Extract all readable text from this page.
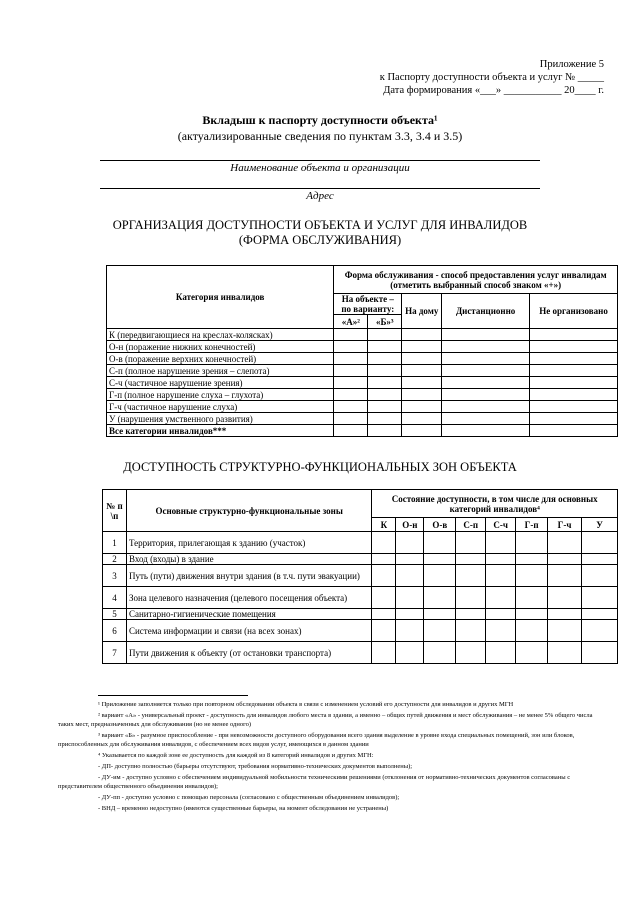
Приложение 5
к Паспорту доступности объекта и услуг № _____
Дата формирования «___» ___________ 20____ г.
Вкладыш к паспорту доступности объекта¹
(актуализированные сведения по пунктам 3.3, 3.4 и 3.5)
Наименование объекта и организации
Адрес
ОРГАНИЗАЦИЯ ДОСТУПНОСТИ ОБЪЕКТА И УСЛУГ ДЛЯ ИНВАЛИДОВ
(ФОРМА ОБСЛУЖИВАНИЯ)
Категория инвалидов	Форма обслуживания - способ предоставления услуг инвалидам (отметить выбранный способ знаком «+»)				
	На объекте – по варианту:		На дому	Дистанционно	Не организовано
	«А»²	«Б»³			
К (передвигающиеся на креслах-колясках)					
О-н (поражение нижних конечностей)					
О-в (поражение верхних конечностей)					
С-п (полное нарушение зрения – слепота)					
С-ч (частичное нарушение зрения)					
Г-п (полное нарушение слуха – глухота)					
Г-ч (частичное нарушение слуха)					
У (нарушения умственного развития)					
Все категории инвалидов***					
ДОСТУПНОСТЬ СТРУКТУРНО-ФУНКЦИОНАЛЬНЫХ ЗОН ОБЪЕКТА
№ п \п	Основные структурно-функциональные зоны	Состояние доступности, в том числе для основных категорий инвалидов⁴							
		К	О-н	О-в	С-п	С-ч	Г-п	Г-ч	У
1	Территория, прилегающая к зданию (участок)								
2	Вход (входы) в здание								
3	Путь (пути) движения внутри здания (в т.ч. пути эвакуации)								
4	Зона целевого назначения (целевого посещения объекта)								
5	Санитарно-гигиенические помещения								
6	Система информации и связи (на всех зонах)								
7	Пути движения к объекту (от остановки транспорта)								

¹ Приложение заполняется только при повторном обследовании объекта в связи с изменением условий его доступности для инвалидов и других МГН

² вариант «А» - универсальный проект - доступность для инвалидов любого места в здании, а именно – общих путей движения и мест обслуживания – не менее 5% общего числа таких мест, предназначенных для обслуживания (но не менее одного)

³ вариант «Б» - разумное приспособление - при невозможности доступного оборудования всего здания выделение в уровне входа специальных помещений, зон или блоков, приспособленных для обслуживания инвалидов, с обеспечением всех видов услуг, имеющихся в данном здании

⁴ Указывается по каждой зоне ее доступность для каждой из 8 категорий инвалидов и других МГН:

- ДП- доступно полностью (барьеры отсутствуют, требования нормативно-технических документов выполнены);

- ДУ-им - доступно условно с обеспечением индивидуальной мобильности техническими решениями (отклонения от нормативно-технических документов согласованы с представителем общественного объединения инвалидов);

- ДУ-пп - доступно условно с помощью персонала (согласовано с общественным объединением инвалидов);

- ВНД – временно недоступно (имеются существенные барьеры, на момент обследования не устранены)
